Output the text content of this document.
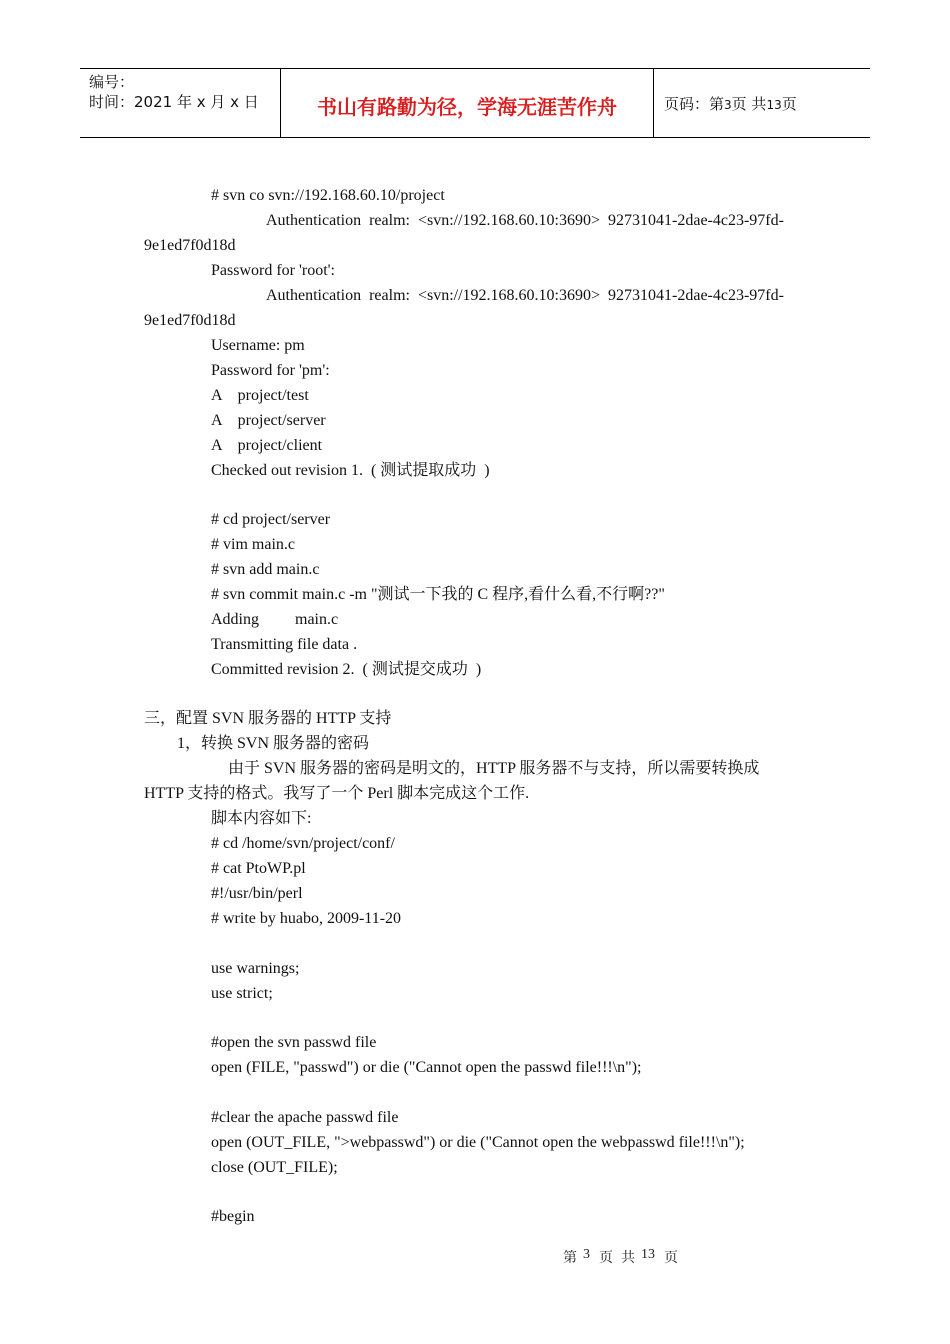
编号：
时间：2021 年 x 月 x 日	书山有路勤为径，学海无涯苦作舟	页码：第3页 共13页
# svn co svn://192.168.60.10/project
Authentication  realm:  <svn://192.168.60.10:3690>  92731041-2dae-4c23-97fd-
9e1ed7f0d18d
Password for 'root':
Authentication  realm:  <svn://192.168.60.10:3690>  92731041-2dae-4c23-97fd-
9e1ed7f0d18d
Username: pm
Password for 'pm':
A    project/test
A    project/server
A    project/client
Checked out revision 1.  ( 测试提取成功  )
# cd project/server
# vim main.c
# svn add main.c
# svn commit main.c -m "测试一下我的 C 程序,看什么看,不行啊??"
Adding         main.c
Transmitting file data .
Committed revision 2.  ( 测试提交成功  )
三，配置 SVN 服务器的 HTTP 支持
1，转换 SVN 服务器的密码
由于 SVN 服务器的密码是明文的，HTTP 服务器不与支持，所以需要转换成
HTTP 支持的格式。我写了一个 Perl 脚本完成这个工作.
脚本内容如下:
# cd /home/svn/project/conf/
# cat PtoWP.pl
#!/usr/bin/perl
# write by huabo, 2009-11-20
use warnings;
use strict;
#open the svn passwd file
open (FILE, "passwd") or die ("Cannot open the passwd file!!!\n");
#clear the apache passwd file
open (OUT_FILE, ">webpasswd") or die ("Cannot open the webpasswd file!!!\n");
close (OUT_FILE);
#begin
第 3 页 共 13 页
